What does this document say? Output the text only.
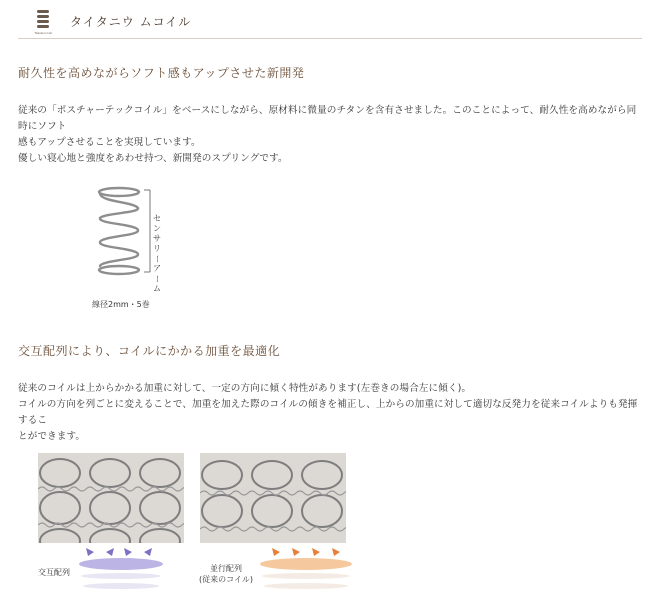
Titanium Coil
タイタニウ ムコイル
耐久性を高めながらソフト感もアップさせた新開発
従来の「ポスチャーテックコイル」をベースにしながら、原材料に微量のチタンを含有させました。このことによって、耐久性を高めながら同時にソフト
感もアップさせることを実現しています。
優しい寝心地と強度をあわせ持つ、新開発のスプリングです。
セ
ン
サ
リ
ー
ア
ー
ム
線径2mm・5巻
交互配列により、コイルにかかる加重を最適化
従来のコイルは上からかかる加重に対して、一定の方向に傾く特性があります(左巻きの場合左に傾く)。
コイルの方向を列ごとに変えることで、加重を加えた際のコイルの傾きを補正し、上からの加重に対して適切な反発力を従来コイルよりも発揮するこ
とができます。
交互配列	並行配列
(従来のコイル)
